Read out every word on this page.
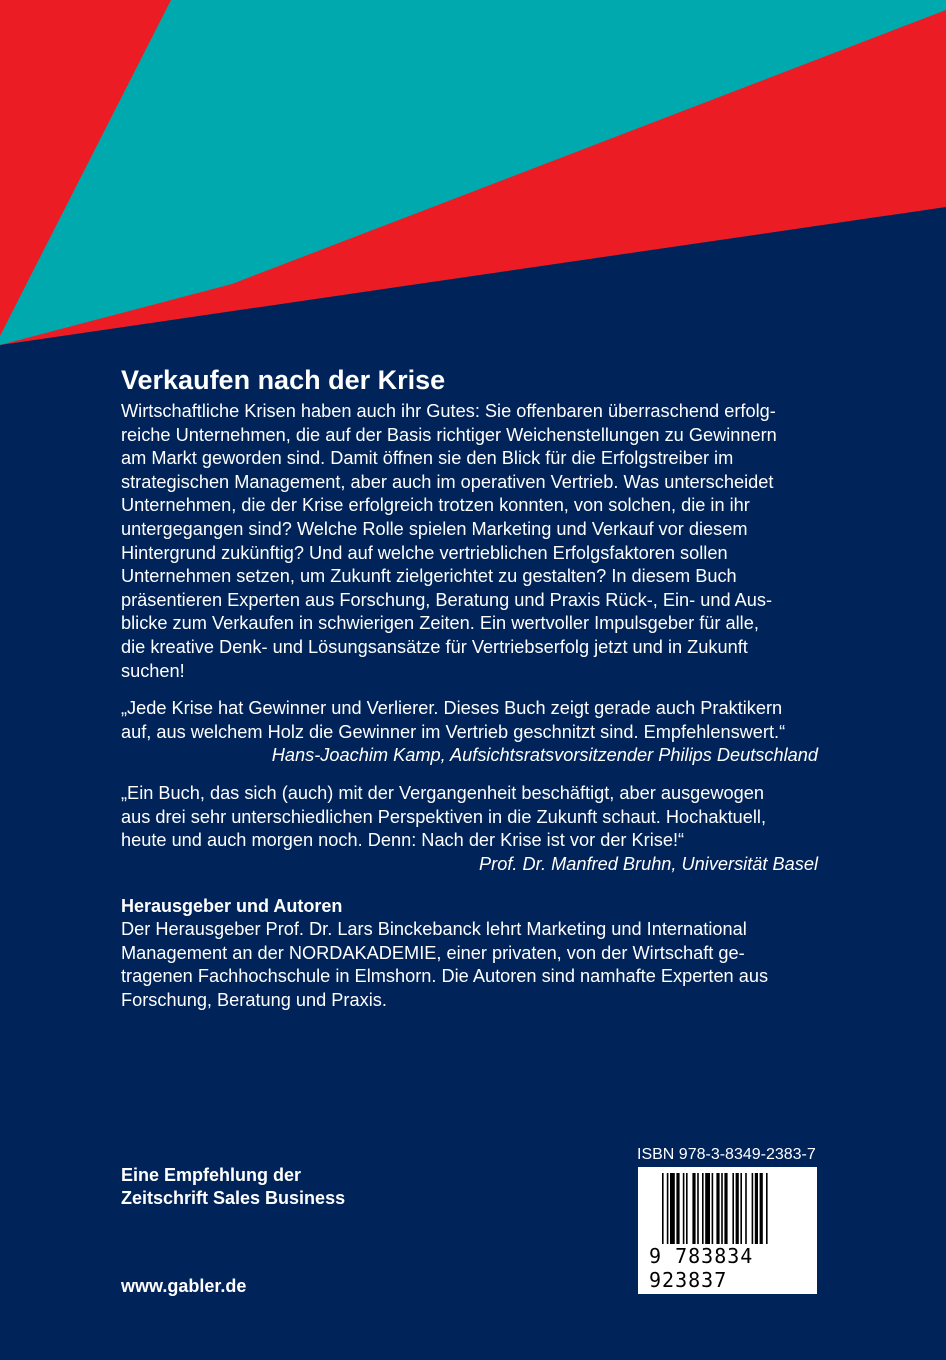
Verkaufen nach der Krise

Wirtschaftliche Krisen haben auch ihr Gutes: Sie offenbaren überraschend erfolg-
reiche Unternehmen, die auf der Basis richtiger Weichenstellungen zu Gewinnern
am Markt geworden sind. Damit öffnen sie den Blick für die Erfolgstreiber im
strategischen Management, aber auch im operativen Vertrieb. Was unterscheidet
Unternehmen, die der Krise erfolgreich trotzen konnten, von solchen, die in ihr
untergegangen sind? Welche Rolle spielen Marketing und Verkauf vor diesem
Hintergrund zukünftig? Und auf welche vertrieblichen Erfolgsfaktoren sollen
Unternehmen setzen, um Zukunft zielgerichtet zu gestalten? In diesem Buch
präsentieren Experten aus Forschung, Beratung und Praxis Rück-, Ein- und Aus-
blicke zum Verkaufen in schwierigen Zeiten. Ein wertvoller Impulsgeber für alle,
die kreative Denk- und Lösungsansätze für Vertriebserfolg jetzt und in Zukunft
suchen!

„Jede Krise hat Gewinner und Verlierer. Dieses Buch zeigt gerade auch Praktikern
auf, aus welchem Holz die Gewinner im Vertrieb geschnitzt sind. Empfehlenswert.“
Hans-Joachim Kamp, Aufsichtsratsvorsitzender Philips Deutschland

„Ein Buch, das sich (auch) mit der Vergangenheit beschäftigt, aber ausgewogen
aus drei sehr unterschiedlichen Perspektiven in die Zukunft schaut. Hochaktuell,
heute und auch morgen noch. Denn: Nach der Krise ist vor der Krise!“
Prof. Dr. Manfred Bruhn, Universität Basel

Herausgeber und Autoren

Der Herausgeber Prof. Dr. Lars Binckebanck lehrt Marketing und International
Management an der NORDAKADEMIE, einer privaten, von der Wirtschaft ge-
tragenen Fachhochschule in Elmshorn. Die Autoren sind namhafte Experten aus
Forschung, Beratung und Praxis.

Eine Empfehlung der
Zeitschrift Sales Business
www.gabler.de
ISBN 978-3-8349-2383-7
9 783834 923837
